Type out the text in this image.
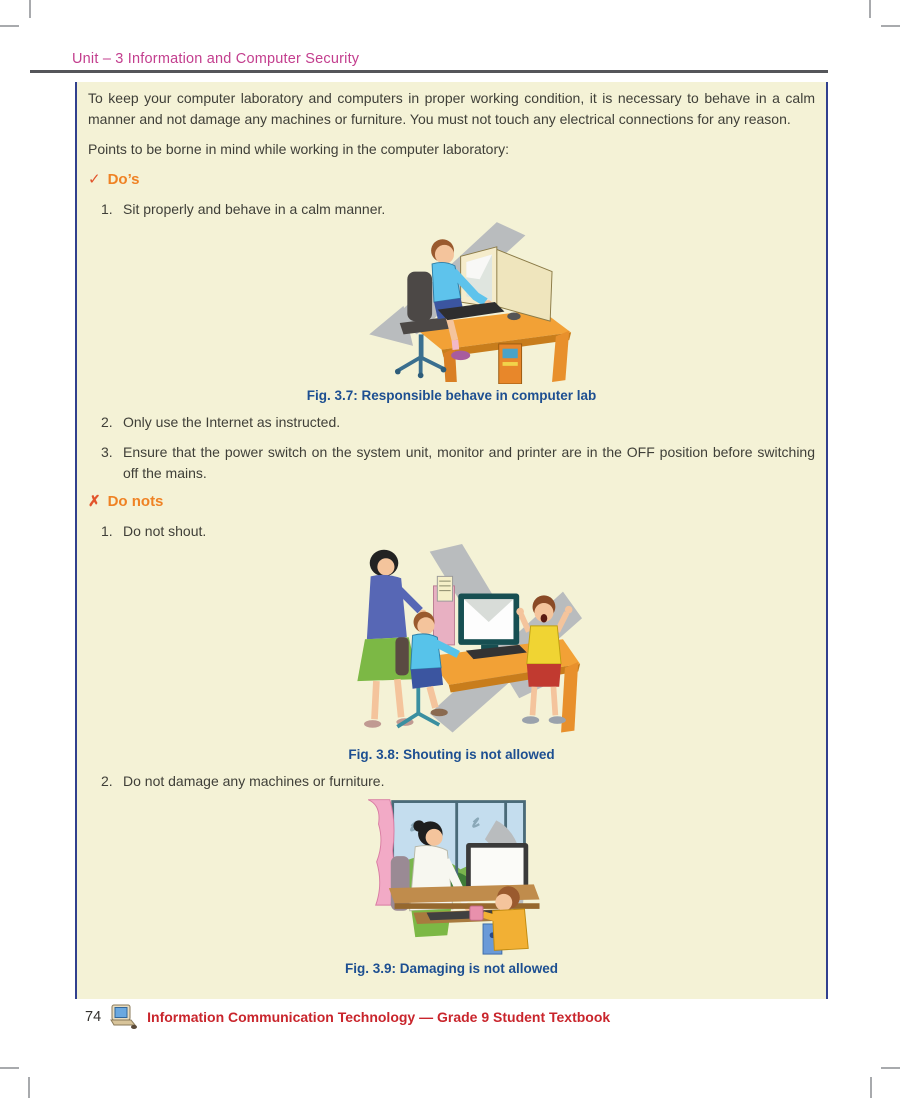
Unit – 3 Information and Computer Security

To keep your computer laboratory and computers in proper working condition, it is necessary to behave in a calm manner and not damage any machines or furniture. You must not touch any electrical connections for any reason.

Points to be borne in mind while working in the computer laboratory:

✓ Do’s
1. Sit properly and behave in a calm manner.

Fig. 3.7: Responsible behave in computer lab

2. Only use the Internet as instructed.
3. Ensure that the power switch on the system unit, monitor and printer are in the OFF position before switching off the mains.
✗ Do nots
1. Do not shout.

Fig. 3.8: Shouting is not allowed

2. Do not damage any machines or furniture.

Fig. 3.9: Damaging is not allowed

74	Information Communication Technology — Grade 9 Student Textbook
